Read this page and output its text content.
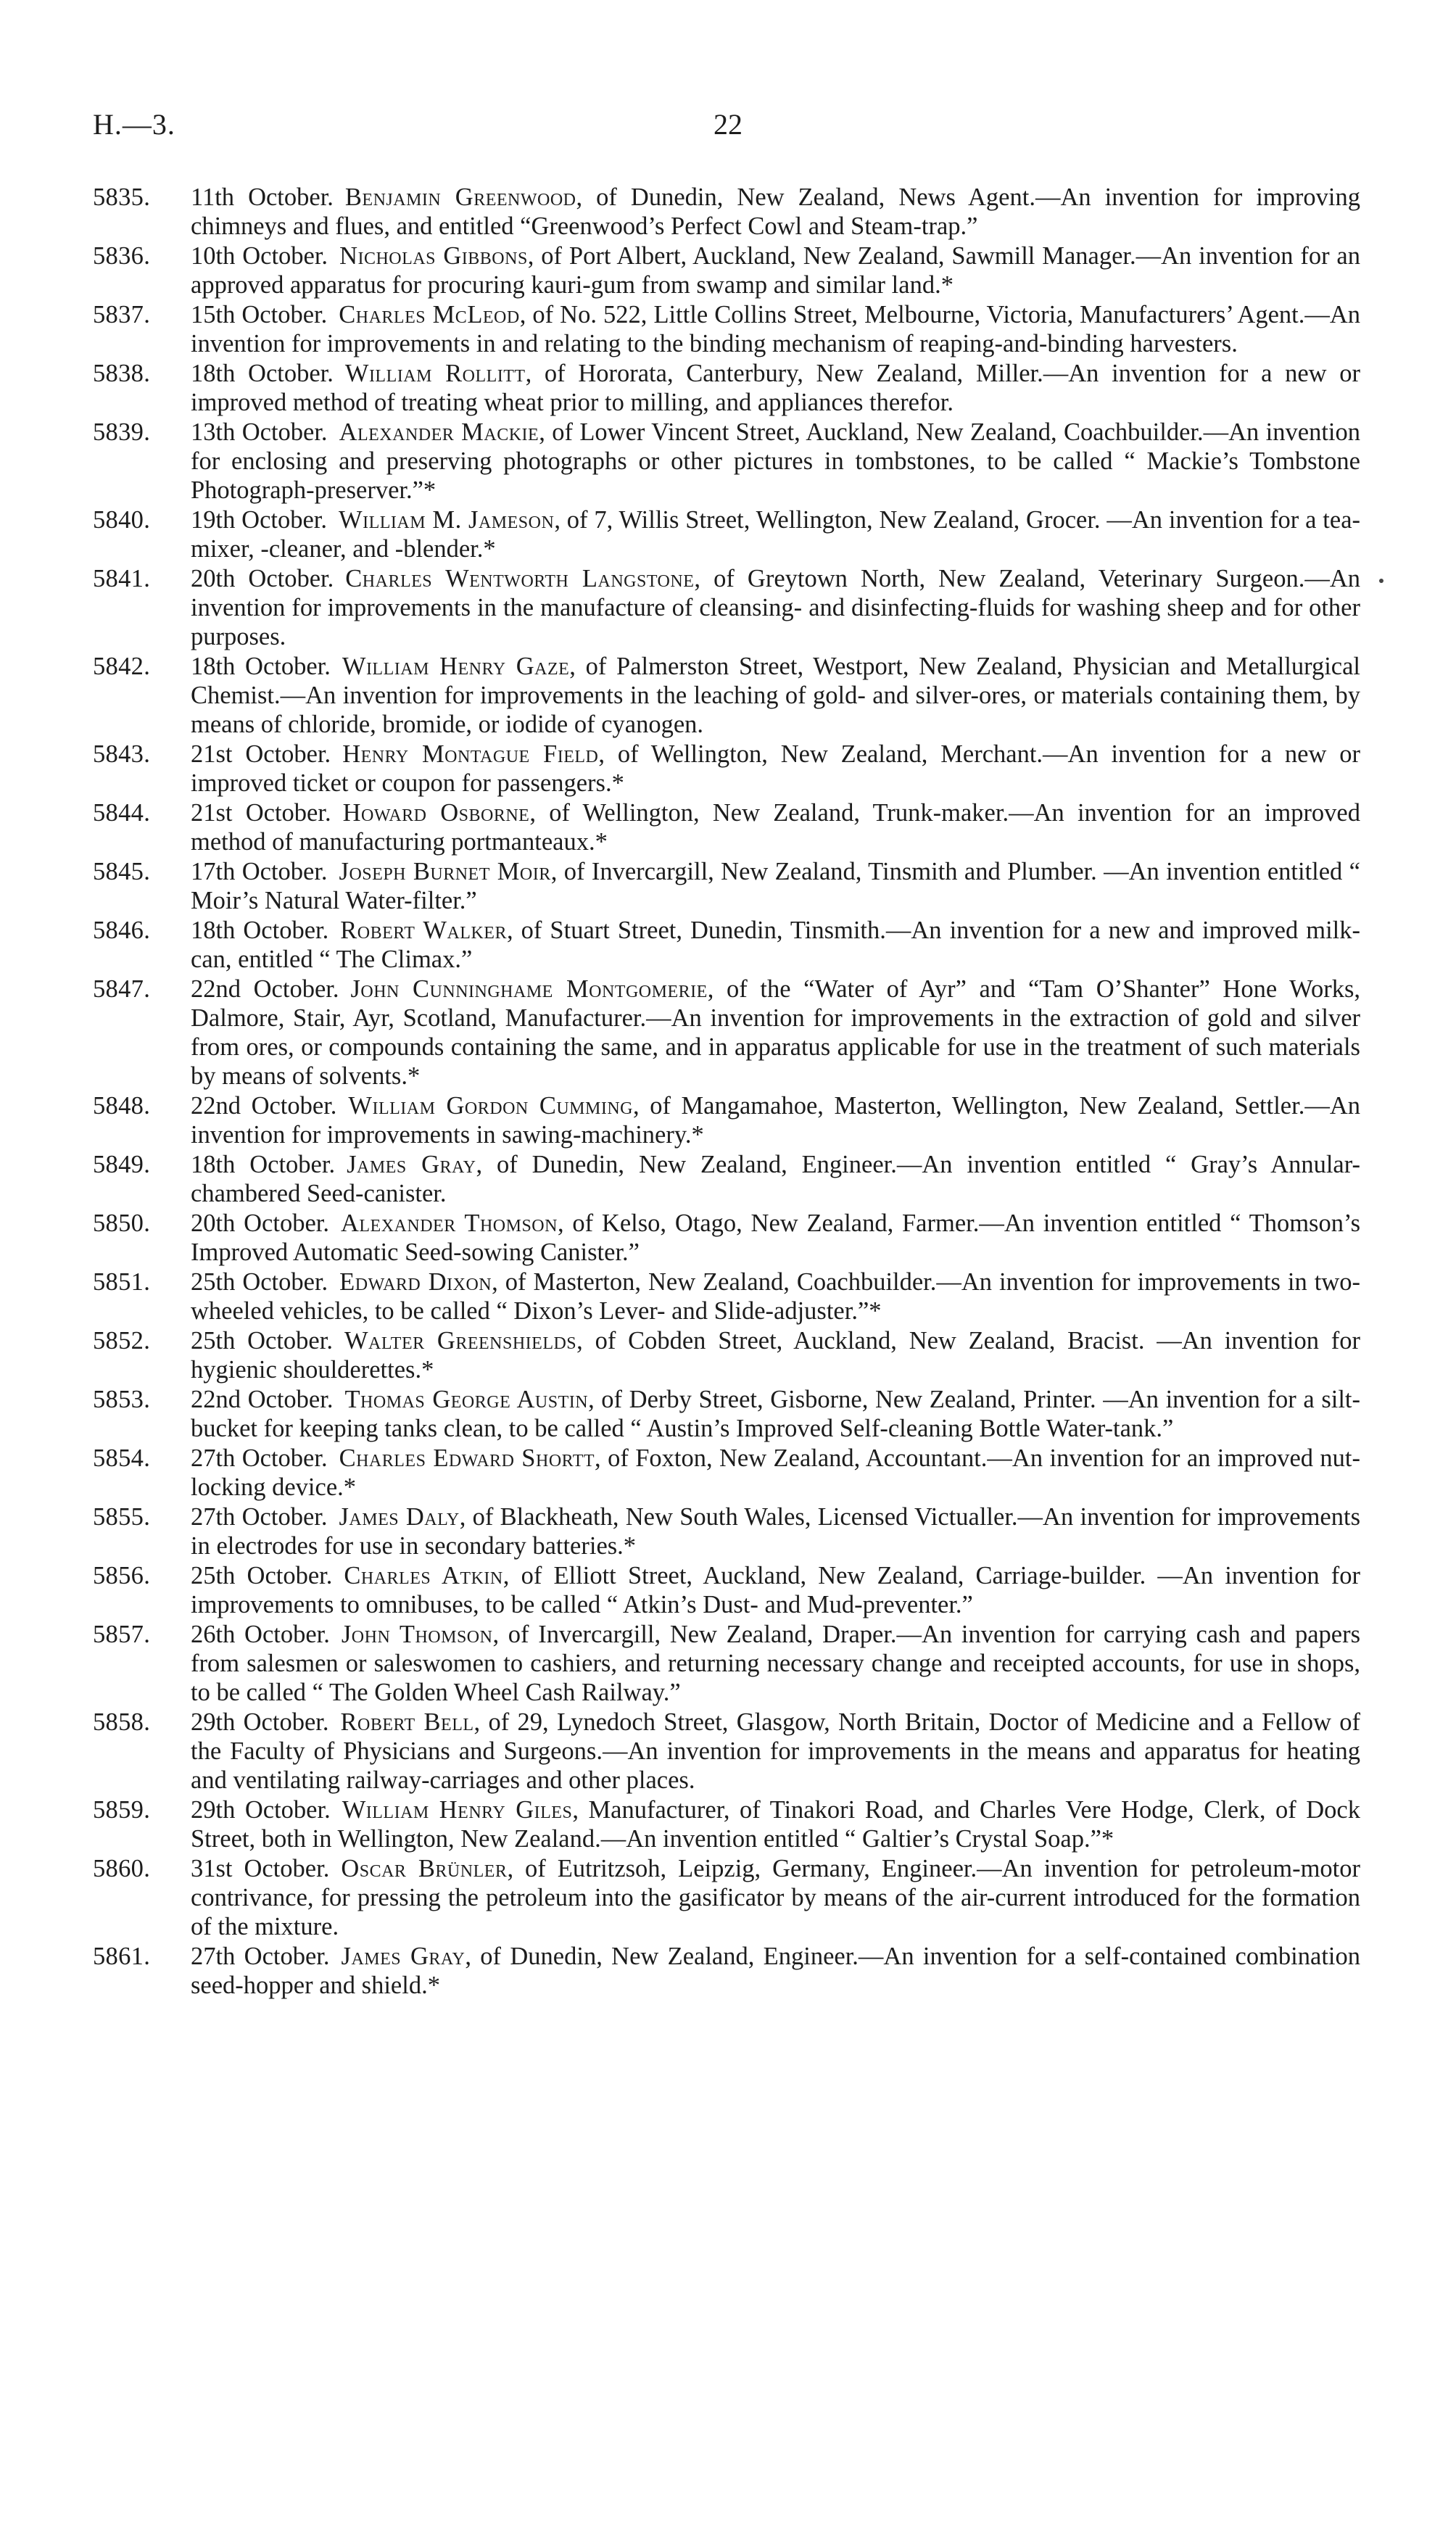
H.—3.	22
5835.	11th October. Benjamin Greenwood, of Dunedin, New Zealand, News Agent.—An invention for improving chimneys and flues, and entitled “Greenwood’s Perfect Cowl and Steam-trap.”
5836.	10th October. Nicholas Gibbons, of Port Albert, Auckland, New Zealand, Sawmill Manager.—An invention for an approved apparatus for procuring kauri-gum from swamp and similar land.*
5837.	15th October. Charles McLeod, of No. 522, Little Collins Street, Melbourne, Victoria, Manufacturers’ Agent.—An invention for improvements in and relating to the binding mechanism of reaping-and-binding harvesters.
5838.	18th October. William Rollitt, of Hororata, Canterbury, New Zealand, Miller.—An invention for a new or improved method of treating wheat prior to milling, and appliances therefor.
5839.	13th October. Alexander Mackie, of Lower Vincent Street, Auckland, New Zealand, Coachbuilder.—An invention for enclosing and preserving photographs or other pictures in tombstones, to be called “ Mackie’s Tombstone Photograph-preserver.”*
5840.	19th October. William M. Jameson, of 7, Willis Street, Wellington, New Zealand, Grocer. —An invention for a tea-mixer, -cleaner, and -blender.*
5841.	20th October. Charles Wentworth Langstone, of Greytown North, New Zealand, Veterinary Surgeon.—An invention for improvements in the manufacture of cleansing- and disinfecting-fluids for washing sheep and for other purposes.
5842.	18th October. William Henry Gaze, of Palmerston Street, Westport, New Zealand, Physician and Metallurgical Chemist.—An invention for improvements in the leaching of gold- and silver-ores, or materials containing them, by means of chloride, bromide, or iodide of cyanogen.
5843.	21st October. Henry Montague Field, of Wellington, New Zealand, Merchant.—An invention for a new or improved ticket or coupon for passengers.*
5844.	21st October. Howard Osborne, of Wellington, New Zealand, Trunk-maker.—An invention for an improved method of manufacturing portmanteaux.*
5845.	17th October. Joseph Burnet Moir, of Invercargill, New Zealand, Tinsmith and Plumber. —An invention entitled “ Moir’s Natural Water-filter.”
5846.	18th October. Robert Walker, of Stuart Street, Dunedin, Tinsmith.—An invention for a new and improved milk-can, entitled “ The Climax.”
5847.	22nd October. John Cunninghame Montgomerie, of the “Water of Ayr” and “Tam O’Shanter” Hone Works, Dalmore, Stair, Ayr, Scotland, Manufacturer.—An invention for improvements in the extraction of gold and silver from ores, or compounds containing the same, and in apparatus applicable for use in the treatment of such materials by means of solvents.*
5848.	22nd October. William Gordon Cumming, of Mangamahoe, Masterton, Wellington, New Zealand, Settler.—An invention for improvements in sawing-machinery.*
5849.	18th October. James Gray, of Dunedin, New Zealand, Engineer.—An invention entitled “ Gray’s Annular-chambered Seed-canister.
5850.	20th October. Alexander Thomson, of Kelso, Otago, New Zealand, Farmer.—An invention entitled “ Thomson’s Improved Automatic Seed-sowing Canister.”
5851.	25th October. Edward Dixon, of Masterton, New Zealand, Coachbuilder.—An invention for improvements in two-wheeled vehicles, to be called “ Dixon’s Lever- and Slide-adjuster.”*
5852.	25th October. Walter Greenshields, of Cobden Street, Auckland, New Zealand, Bracist. —An invention for hygienic shoulderettes.*
5853.	22nd October. Thomas George Austin, of Derby Street, Gisborne, New Zealand, Printer. —An invention for a silt-bucket for keeping tanks clean, to be called “ Austin’s Improved Self-cleaning Bottle Water-tank.”
5854.	27th October. Charles Edward Shortt, of Foxton, New Zealand, Accountant.—An invention for an improved nut-locking device.*
5855.	27th October. James Daly, of Blackheath, New South Wales, Licensed Victualler.—An invention for improvements in electrodes for use in secondary batteries.*
5856.	25th October. Charles Atkin, of Elliott Street, Auckland, New Zealand, Carriage-builder. —An invention for improvements to omnibuses, to be called “ Atkin’s Dust- and Mud-preventer.”
5857.	26th October. John Thomson, of Invercargill, New Zealand, Draper.—An invention for carrying cash and papers from salesmen or saleswomen to cashiers, and returning necessary change and receipted accounts, for use in shops, to be called “ The Golden Wheel Cash Railway.”
5858.	29th October. Robert Bell, of 29, Lynedoch Street, Glasgow, North Britain, Doctor of Medicine and a Fellow of the Faculty of Physicians and Surgeons.—An invention for improvements in the means and apparatus for heating and ventilating railway-carriages and other places.
5859.	29th October. William Henry Giles, Manufacturer, of Tinakori Road, and Charles Vere Hodge, Clerk, of Dock Street, both in Wellington, New Zealand.—An invention entitled “ Galtier’s Crystal Soap.”*
5860.	31st October. Oscar Brünler, of Eutritzsoh, Leipzig, Germany, Engineer.—An invention for petroleum-motor contrivance, for pressing the petroleum into the gasificator by means of the air-current introduced for the formation of the mixture.
5861.	27th October. James Gray, of Dunedin, New Zealand, Engineer.—An invention for a self-contained combination seed-hopper and shield.*
